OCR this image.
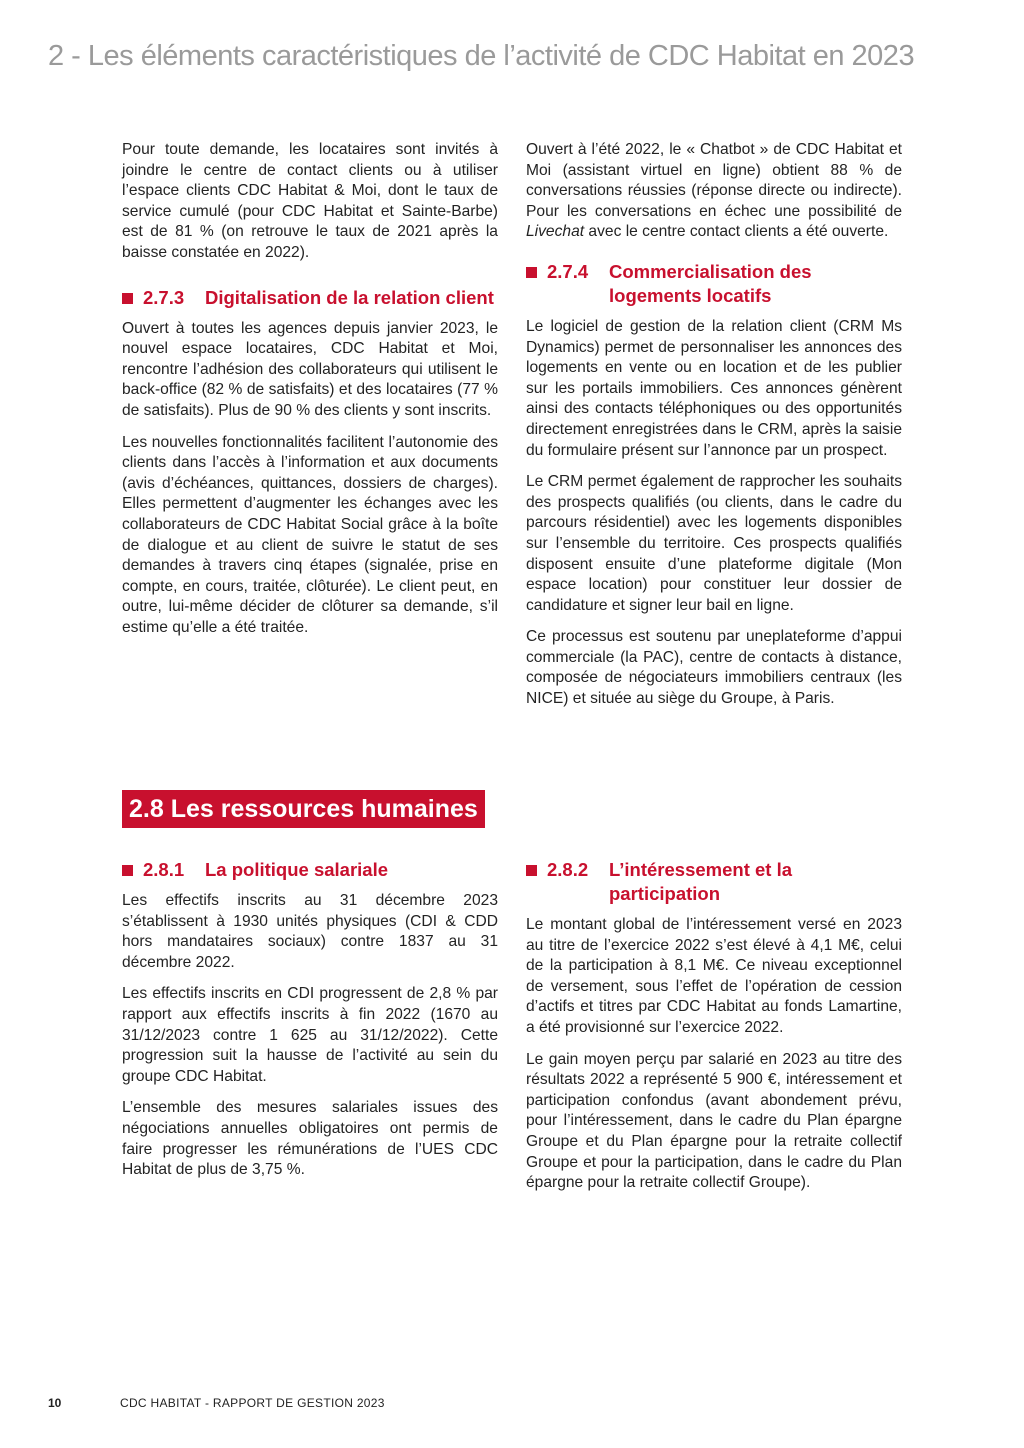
2 - Les éléments caractéristiques de l’activité de CDC Habitat en 2023

Pour toute demande, les locataires sont invités à joindre le centre de contact clients ou à utiliser l’espace clients CDC Habitat & Moi, dont le taux de service cumulé (pour CDC Habitat et Sainte-Barbe) est de 81 % (on retrouve le taux de 2021 après la baisse constatée en 2022).

2.7.3	Digitalisation de la relation client

Ouvert à toutes les agences depuis janvier 2023, le nouvel espace locataires, CDC Habitat et Moi, rencontre l’adhésion des collaborateurs qui utilisent le back-office (82 % de satisfaits) et des locataires (77 % de satisfaits). Plus de 90 % des clients y sont inscrits.

Les nouvelles fonctionnalités facilitent l’autonomie des clients dans l’accès à l’information et aux documents (avis d’échéances, quittances, dossiers de charges). Elles permettent d’augmenter les échanges avec les collaborateurs de CDC Habitat Social grâce à la boîte de dialogue et au client de suivre le statut de ses demandes à travers cinq étapes (signalée, prise en compte, en cours, traitée, clôturée). Le client peut, en outre, lui-même décider de clôturer sa demande, s’il estime qu’elle a été traitée.

Ouvert à l’été 2022, le « Chatbot » de CDC Habitat et Moi (assistant virtuel en ligne) obtient 88 % de conversations réussies (réponse directe ou indirecte). Pour les conversations en échec une possibilité de Livechat avec le centre contact clients a été ouverte.

2.7.4	Commercialisation des logements locatifs

Le logiciel de gestion de la relation client (CRM Ms Dynamics) permet de personnaliser les annonces des logements en vente ou en location et de les publier sur les portails immobiliers. Ces annonces génèrent ainsi des contacts téléphoniques ou des opportunités directement enregistrées dans le CRM, après la saisie du formulaire présent sur l’annonce par un prospect.

Le CRM permet également de rapprocher les souhaits des prospects qualifiés (ou clients, dans le cadre du parcours résidentiel) avec les logements disponibles sur l’ensemble du territoire. Ces prospects qualifiés disposent ensuite d’une plateforme digitale (Mon espace location) pour constituer leur dossier de candidature et signer leur bail en ligne.

Ce processus est soutenu par uneplateforme d’appui commerciale (la PAC), centre de contacts à distance, composée de négociateurs immobiliers centraux (les NICE) et située au siège du Groupe, à Paris.

2.8 Les ressources humaines
2.8.1	La politique salariale

Les effectifs inscrits au 31 décembre 2023 s’établissent à 1930 unités physiques (CDI & CDD hors mandataires sociaux) contre 1837 au 31 décembre 2022.

Les effectifs inscrits en CDI progressent de 2,8 % par rapport aux effectifs inscrits à fin 2022 (1670 au 31/12/2023 contre 1 625 au 31/12/2022). Cette progression suit la hausse de l’activité au sein du groupe CDC Habitat.

L’ensemble des mesures salariales issues des négociations annuelles obligatoires ont permis de faire progresser les rémunérations de l’UES CDC Habitat de plus de 3,75 %.

2.8.2	L’intéressement et la participation

Le montant global de l’intéressement versé en 2023 au titre de l’exercice 2022 s’est élevé à 4,1 M€, celui de la participation à 8,1 M€. Ce niveau exceptionnel de versement, sous l’effet de l’opération de cession d’actifs et titres par CDC Habitat au fonds Lamartine, a été provisionné sur l’exercice 2022.

Le gain moyen perçu par salarié en 2023 au titre des résultats 2022 a représenté 5 900 €, intéressement et participation confondus (avant abondement prévu, pour l’intéressement, dans le cadre du Plan épargne Groupe et du Plan épargne pour la retraite collectif Groupe et pour la participation, dans le cadre du Plan épargne pour la retraite collectif Groupe).

10	CDC HABITAT - RAPPORT DE GESTION 2023
